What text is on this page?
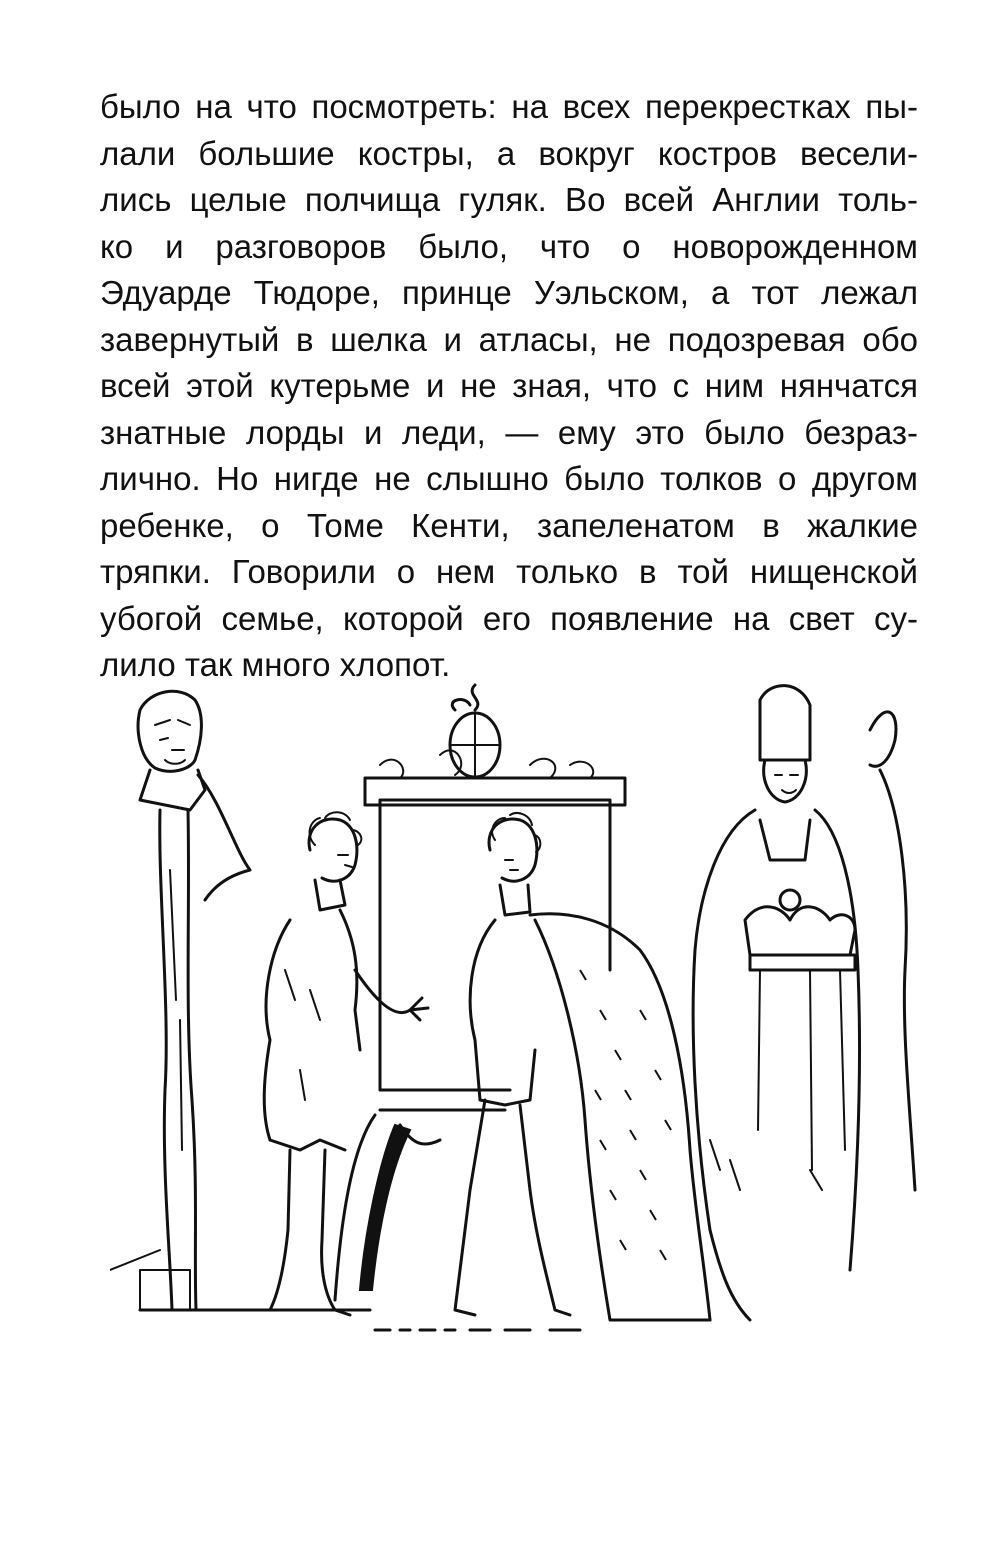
было на что посмотреть: на всех перекрестках пы-
лали большие костры, а вокруг костров весели-
лись целые полчища гуляк. Во всей Англии толь-
ко и разговоров было, что о новорожденном
Эдуарде Тюдоре, принце Уэльском, а тот лежал
завернутый в шелка и атласы, не подозревая обо
всей этой кутерьме и не зная, что с ним нянчатся
знатные лорды и леди, — ему это было безраз-
лично. Но нигде не слышно было толков о другом
ребенке, о Томе Кенти, запеленатом в жалкие
тряпки. Говорили о нем только в той нищенской
убогой семье, которой его появление на свет су-
лило так много хлопот.
